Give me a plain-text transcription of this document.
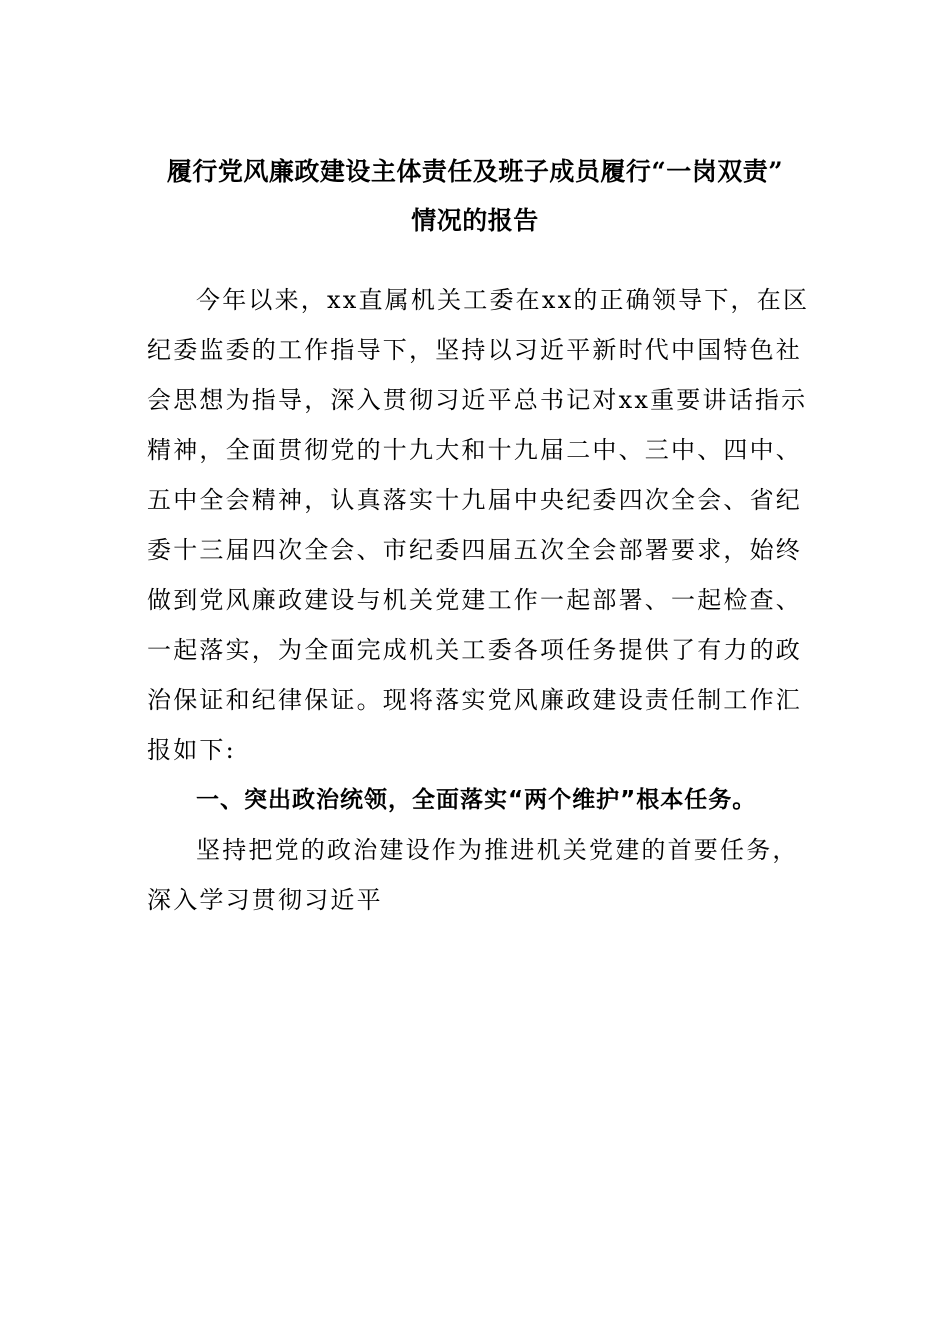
履行党风廉政建设主体责任及班子成员履行“一岗双责”
情况的报告
今年以来，xx直属机关工委在xx的正确领导下，在区
纪委监委的工作指导下，坚持以习近平新时代中国特色社
会思想为指导，深入贯彻习近平总书记对xx重要讲话指示
精神，全面贯彻党的十九大和十九届二中、三中、四中、
五中全会精神，认真落实十九届中央纪委四次全会、省纪
委十三届四次全会、市纪委四届五次全会部署要求，始终
做到党风廉政建设与机关党建工作一起部署、一起检查、
一起落实，为全面完成机关工委各项任务提供了有力的政
治保证和纪律保证。现将落实党风廉政建设责任制工作汇
报如下:
一、突出政治统领，全面落实“两个维护”根本任务。
坚持把党的政治建设作为推进机关党建的首要任务，
深入学习贯彻习近平
